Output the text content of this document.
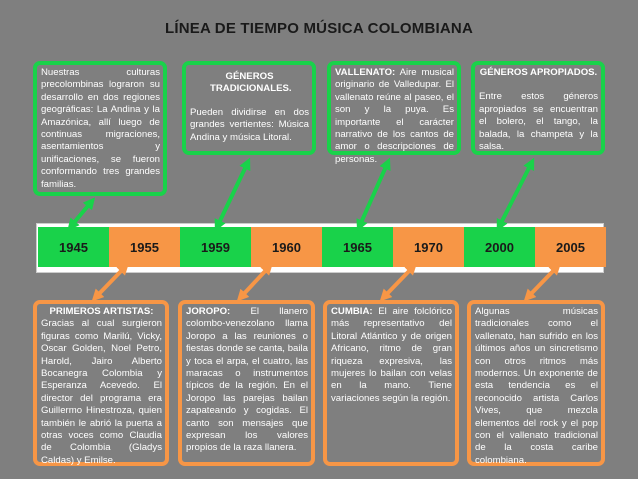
LÍNEA DE TIEMPO MÚSICA COLOMBIANA

Nuestras culturas precolombinas lograron su desarrollo en dos regiones geográficas: La Andina y la Amazónica, allí luego de continuas migraciones, asentamientos y unificaciones, se fueron conformando tres grandes familias.

GÉNEROS TRADICIONALES.

Pueden dividirse en dos grandes vertientes: Música Andina y música Litoral.

VALLENATO: Aire musical originario de Valledupar. El vallenato reúne al paseo, el son y la puya. Es importante el carácter narrativo de los cantos de amor o descripciones de personas.

GÉNEROS APROPIADOS.

Entre estos géneros apropiados se encuentran el bolero, el tango, la balada, la champeta y la salsa.

1945	1955	1959	1960	1965	1970	2000	2005
PRIMEROS ARTISTAS:

Gracias al cual surgieron figuras como Marilú, Vicky, Oscar Golden, Noel Petro, Harold, Jairo Alberto Bocanegra Colombia y Esperanza Acevedo. El director del programa era Guillermo Hinestroza, quien también le abrió la puerta a otras voces como Claudia de Colombia (Gladys Caldas) y Emilse.

JOROPO: El llanero colombo-venezolano llama Joropo a las reuniones o fiestas donde se canta, baila y toca el arpa, el cuatro, las maracas o instrumentos típicos de la región. En el Joropo las parejas bailan zapateando y cogidas. El canto son mensajes que expresan los valores propios de la raza llanera.

CUMBIA: El aire folclórico más representativo del Litoral Atlántico y de origen Africano, ritmo de gran riqueza expresiva, las mujeres lo bailan con velas en la mano. Tiene variaciones según la región.

Algunas músicas tradicionales como el vallenato, han sufrido en los últimos años un sincretismo con otros ritmos más modernos. Un exponente de esta tendencia es el reconocido artista Carlos Vives, que mezcla elementos del rock y el pop con el vallenato tradicional de la costa caribe colombiana.
